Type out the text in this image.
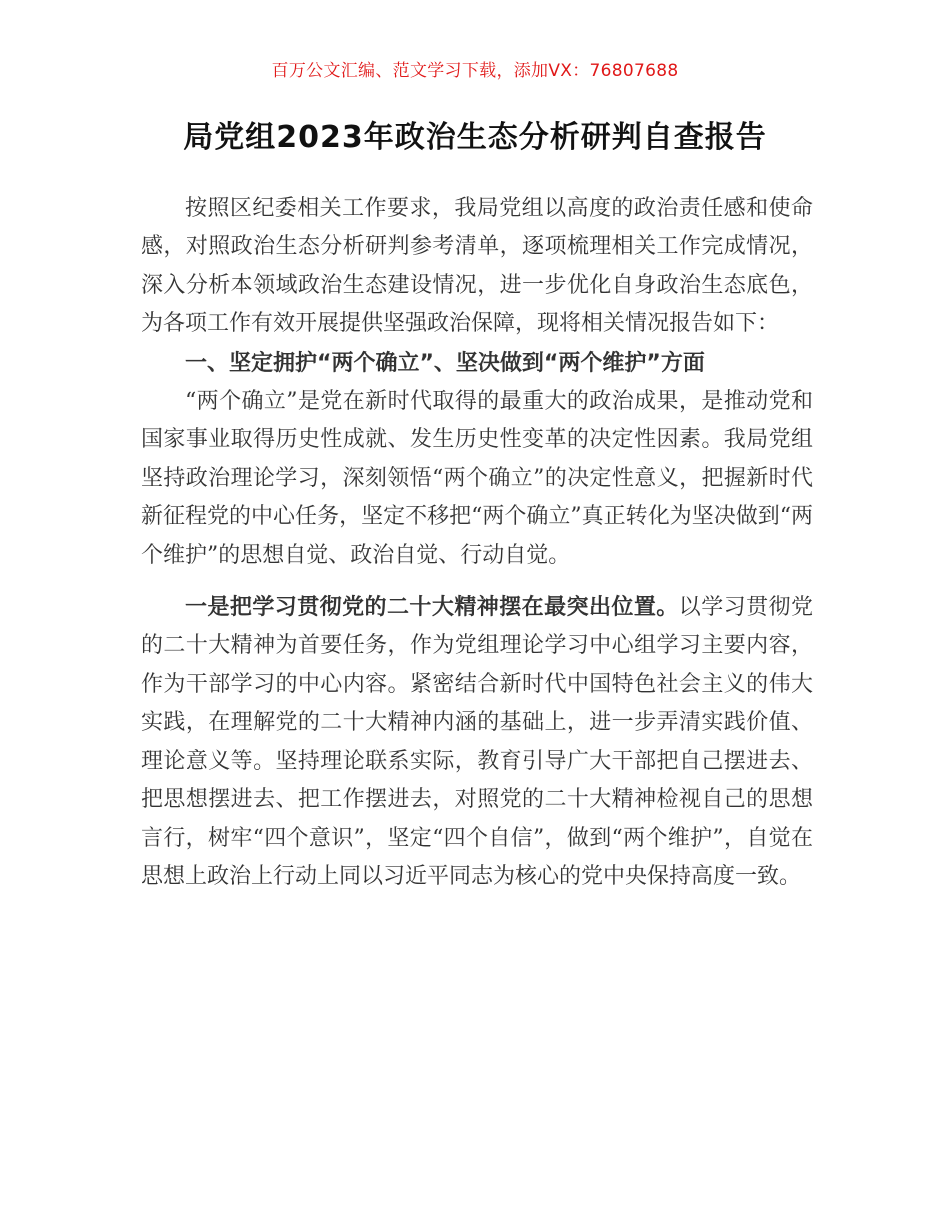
百万公文汇编、范文学习下载，添加VX：76807688
局党组2023年政治生态分析研判自查报告

按照区纪委相关工作要求，我局党组以高度的政治责任感和使命感，对照政治生态分析研判参考清单，逐项梳理相关工作完成情况，深入分析本领域政治生态建设情况，进一步优化自身政治生态底色，为各项工作有效开展提供坚强政治保障，现将相关情况报告如下：

一、坚定拥护“两个确立”、坚决做到“两个维护”方面

“两个确立”是党在新时代取得的最重大的政治成果，是推动党和国家事业取得历史性成就、发生历史性变革的决定性因素。我局党组坚持政治理论学习，深刻领悟“两个确立”的决定性意义，把握新时代新征程党的中心任务，坚定不移把“两个确立”真正转化为坚决做到“两个维护”的思想自觉、政治自觉、行动自觉。

一是把学习贯彻党的二十大精神摆在最突出位置。以学习贯彻党的二十大精神为首要任务，作为党组理论学习中心组学习主要内容，作为干部学习的中心内容。紧密结合新时代中国特色社会主义的伟大实践，在理解党的二十大精神内涵的基础上，进一步弄清实践价值、理论意义等。坚持理论联系实际，教育引导广大干部把自己摆进去、把思想摆进去、把工作摆进去，对照党的二十大精神检视自己的思想言行，树牢“四个意识”，坚定“四个自信”，做到“两个维护”，自觉在思想上政治上行动上同以习近平同志为核心的党中央保持高度一致。
